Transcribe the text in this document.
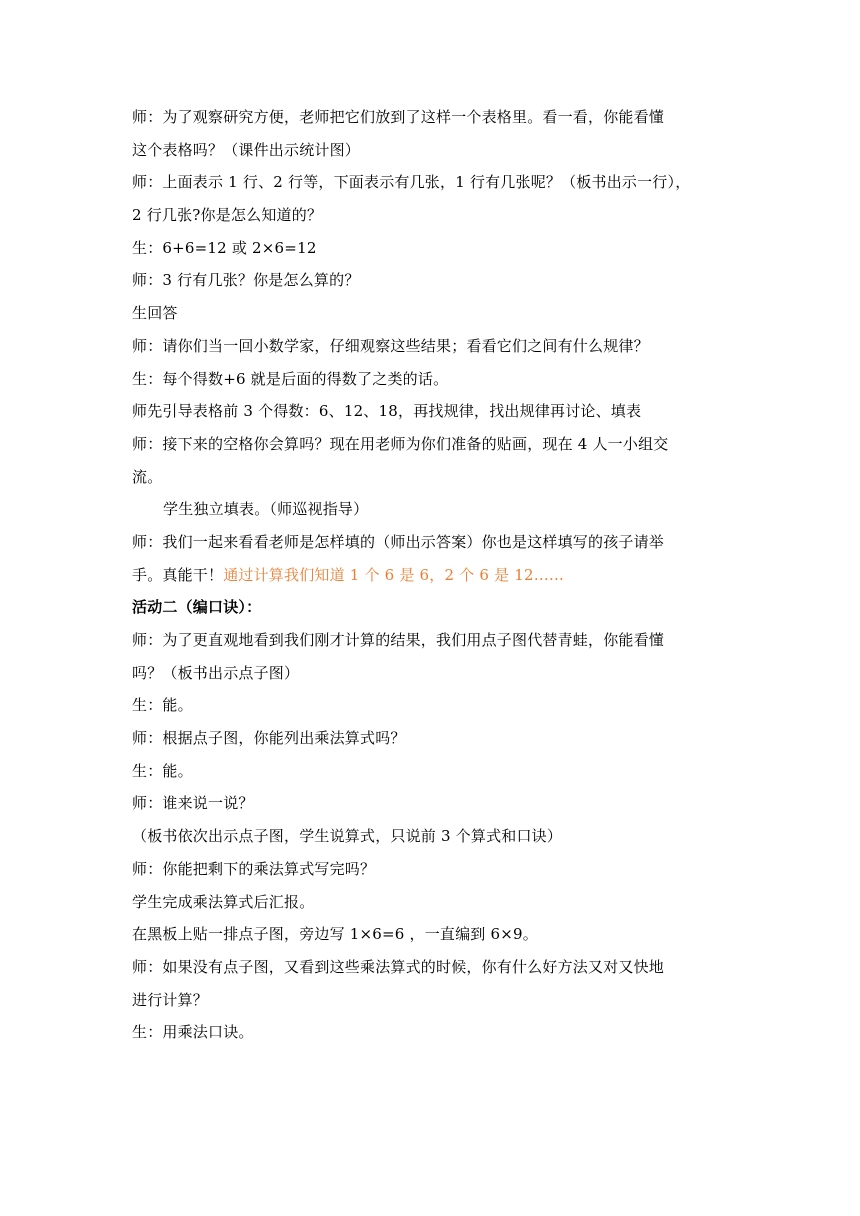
师：为了观察研究方便，老师把它们放到了这样一个表格里。看一看，你能看懂
这个表格吗？（课件出示统计图）
师：上面表示 1 行、2 行等，下面表示有几张，1 行有几张呢？（板书出示一行），
2 行几张?你是怎么知道的？
生：6+6=12 或 2×6=12
师：3 行有几张？你是怎么算的？
生回答
师：请你们当一回小数学家，仔细观察这些结果；看看它们之间有什么规律？
生：每个得数+6 就是后面的得数了之类的话。
师先引导表格前 3 个得数：6、12、18，再找规律，找出规律再讨论、填表
师：接下来的空格你会算吗？现在用老师为你们准备的贴画，现在 4 人一小组交
流。
学生独立填表。（师巡视指导）
师：我们一起来看看老师是怎样填的（师出示答案）你也是这样填写的孩子请举
手。真能干！通过计算我们知道 1 个 6 是 6，2 个 6 是 12……
活动二（编口诀）：
师：为了更直观地看到我们刚才计算的结果，我们用点子图代替青蛙，你能看懂
吗？（板书出示点子图）
生：能。
师：根据点子图，你能列出乘法算式吗？
生：能。
师：谁来说一说？
（板书依次出示点子图，学生说算式，只说前 3 个算式和口诀）
师：你能把剩下的乘法算式写完吗？
学生完成乘法算式后汇报。
在黑板上贴一排点子图，旁边写 1×6=6 ，一直编到 6×9。
师：如果没有点子图，又看到这些乘法算式的时候，你有什么好方法又对又快地
进行计算？
生：用乘法口诀。
